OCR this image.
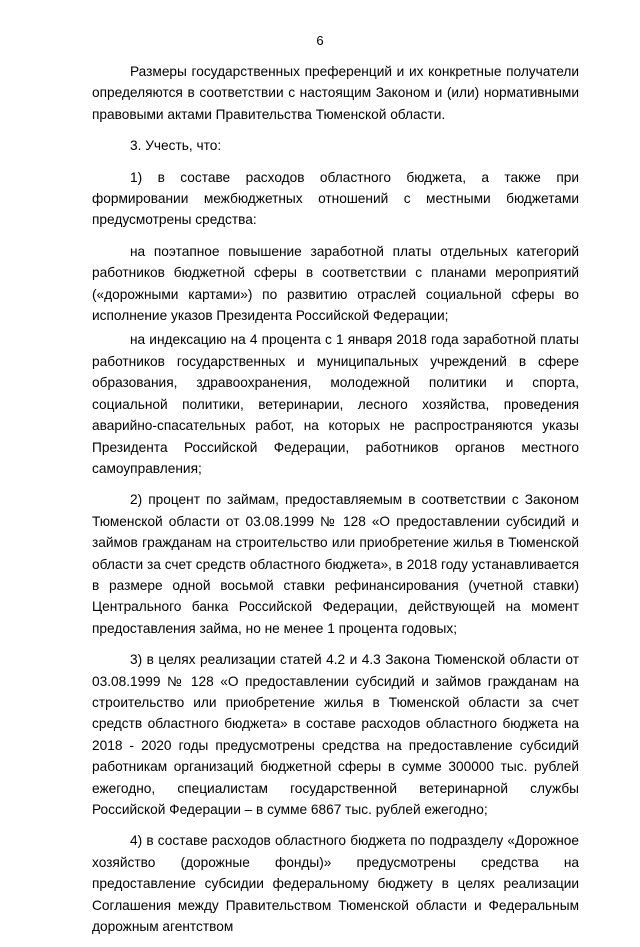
6

Размеры государственных преференций и их конкретные получатели определяются в соответствии с настоящим Законом и (или) нормативными правовыми актами Правительства Тюменской области.

3. Учесть, что:

1) в составе расходов областного бюджета, а также при формировании межбюджетных отношений с местными бюджетами предусмотрены средства:

на поэтапное повышение заработной платы отдельных категорий работников бюджетной сферы в соответствии с планами мероприятий («дорожными картами») по развитию отраслей социальной сферы во исполнение указов Президента Российской Федерации;

на индексацию на 4 процента с 1 января 2018 года заработной платы работников государственных и муниципальных учреждений в сфере образования, здравоохранения, молодежной политики и спорта, социальной политики, ветеринарии, лесного хозяйства, проведения аварийно-спасательных работ, на которых не распространяются указы Президента Российской Федерации, работников органов местного самоуправления;

2) процент по займам, предоставляемым в соответствии с Законом Тюменской области от 03.08.1999 № 128 «О предоставлении субсидий и займов гражданам на строительство или приобретение жилья в Тюменской области за счет средств областного бюджета», в 2018 году устанавливается в размере одной восьмой ставки рефинансирования (учетной ставки) Центрального банка Российской Федерации, действующей на момент предоставления займа, но не менее 1 процента годовых;

3) в целях реализации статей 4.2 и 4.3 Закона Тюменской области от 03.08.1999 № 128 «О предоставлении субсидий и займов гражданам на строительство или приобретение жилья в Тюменской области за счет средств областного бюджета» в составе расходов областного бюджета на 2018 - 2020 годы предусмотрены средства на предоставление субсидий работникам организаций бюджетной сферы в сумме 300000 тыс. рублей ежегодно, специалистам государственной ветеринарной службы Российской Федерации – в сумме 6867 тыс. рублей ежегодно;

4) в составе расходов областного бюджета по подразделу «Дорожное хозяйство (дорожные фонды)» предусмотрены средства на предоставление субсидии федеральному бюджету в целях реализации Соглашения между Правительством Тюменской области и Федеральным дорожным агентством
